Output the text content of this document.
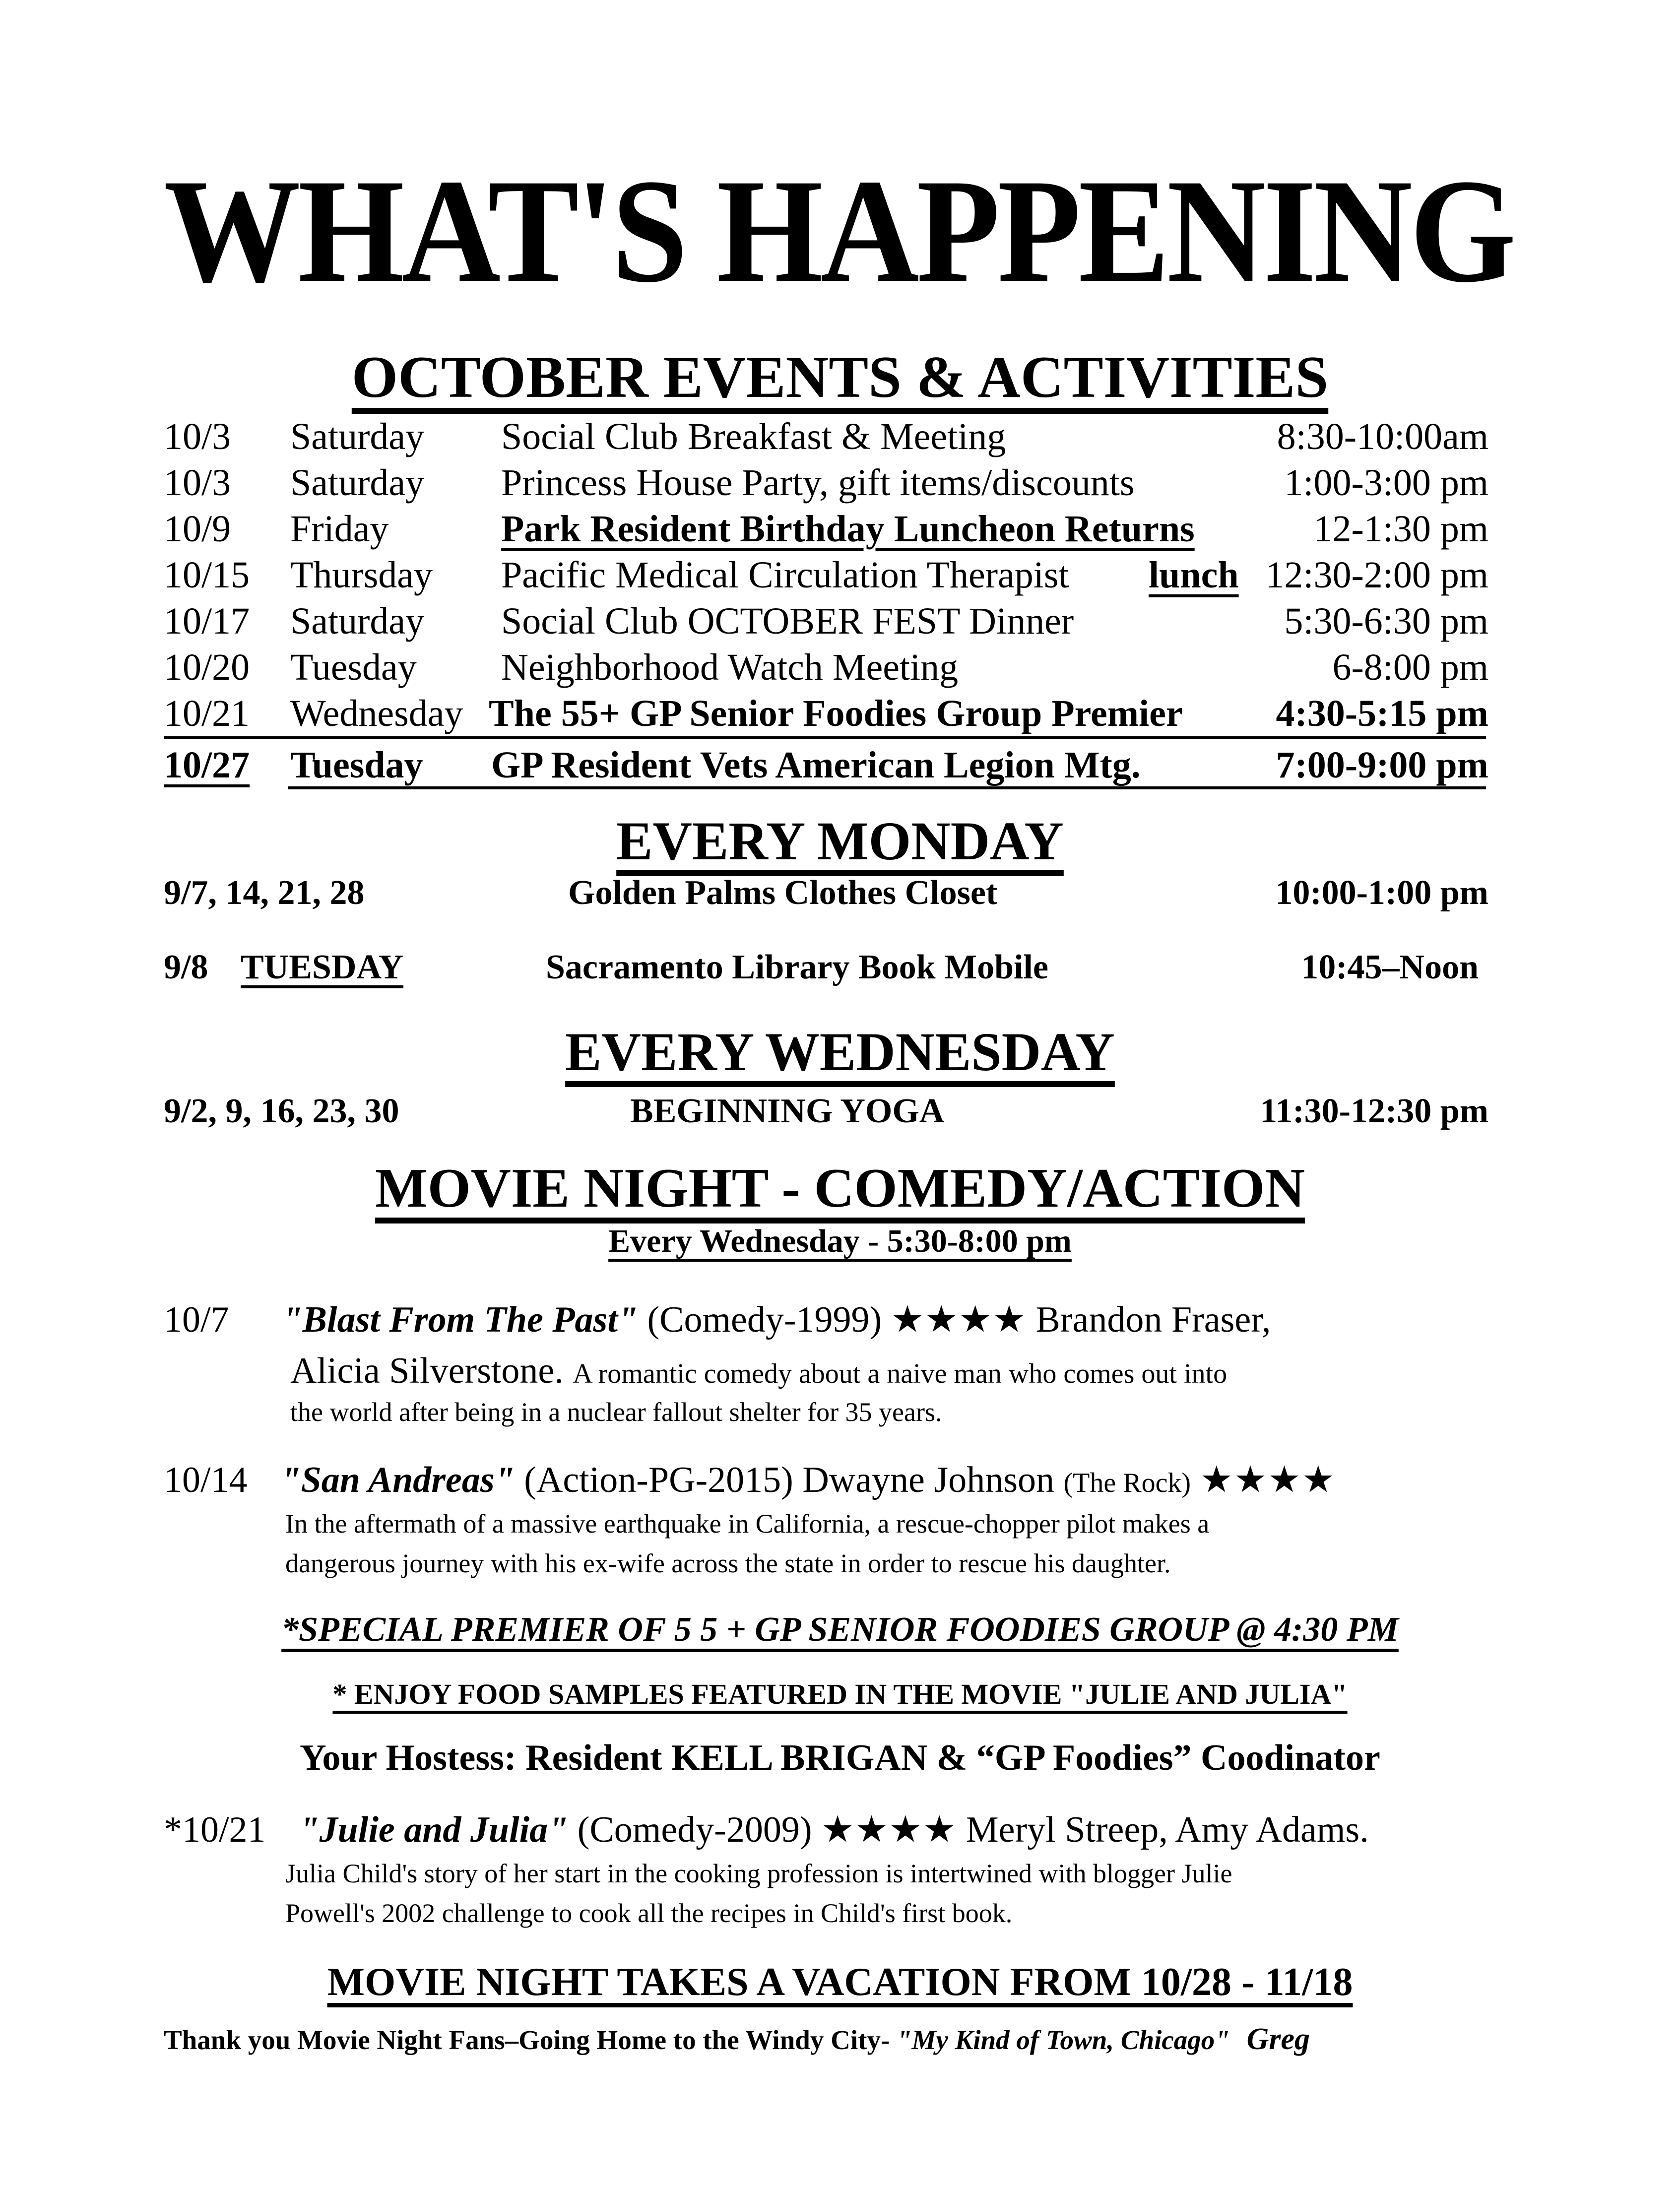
WHAT'S HAPPENING
OCTOBER EVENTS & ACTIVITIES
10/3 Saturday Social Club Breakfast & Meeting	8:30-10:00am
10/3 Saturday Princess House Party, gift items/discounts	1:00-3:00 pm
10/9 Friday	Park Resident Birthday Luncheon Returns	12-1:30 pm
10/15 Thursday Pacific Medical Circulation Therapist lunch 12:30-2:00 pm
10/17 Saturday Social Club OCTOBER FEST Dinner	5:30-6:30 pm
10/20 Tuesday Neighborhood Watch Meeting	6-8:00 pm
10/21 Wednesday The 55+ GP Senior Foodies Group Premier 4:30-5:15 pm
10/27 Tuesday GP Resident Vets American Legion Mtg.	7:00-9:00 pm
EVERY MONDAY
9/7, 14, 21, 28	Golden Palms Clothes Closet	10:00-1:00 pm
9/8 TUESDAY	Sacramento Library Book Mobile	10:45–Noon
EVERY WEDNESDAY
9/2, 9, 16, 23, 30	BEGINNING YOGA	11:30-12:30 pm
MOVIE NIGHT - COMEDY/ACTION
Every Wednesday - 5:30-8:00 pm
10/7 "Blast From The Past" (Comedy-1999) ★★★★ Brandon Fraser,
Alicia Silverstone. A romantic comedy about a naive man who comes out into
the world after being in a nuclear fallout shelter for 35 years.
10/14 "San Andreas" (Action-PG-2015) Dwayne Johnson (The Rock) ★★★★
In the aftermath of a massive earthquake in California, a rescue-chopper pilot makes a
dangerous journey with his ex-wife across the state in order to rescue his daughter.
*SPECIAL PREMIER OF 5 5 + GP SENIOR FOODIES GROUP @ 4:30 PM
* ENJOY FOOD SAMPLES FEATURED IN THE MOVIE "JULIE AND JULIA"
Your Hostess: Resident KELL BRIGAN & “GP Foodies” Coodinator
*10/21 "Julie and Julia" (Comedy-2009) ★★★★ Meryl Streep, Amy Adams.
Julia Child's story of her start in the cooking profession is intertwined with blogger Julie
Powell's 2002 challenge to cook all the recipes in Child's first book.
MOVIE NIGHT TAKES A VACATION FROM 10/28 - 11/18
Thank you Movie Night Fans–Going Home to the Windy City- "My Kind of Town, Chicago" Greg
